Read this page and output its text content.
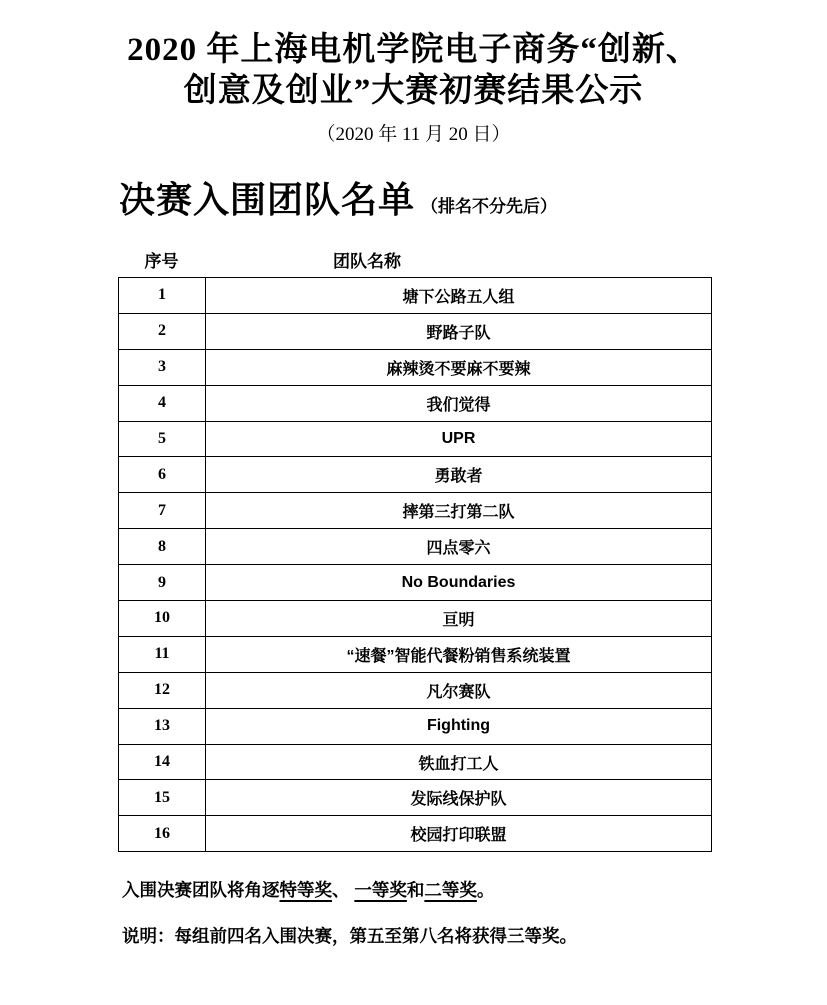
2020 年上海电机学院电子商务“创新、
创意及创业”大赛初赛结果公示
（2020 年 11 月 20 日）
决赛入围团队名单 （排名不分先后）
序号	团队名称
1	塘下公路五人组
2	野路子队
3	麻辣烫不要麻不要辣
4	我们觉得
5	UPR
6	勇敢者
7	摔第三打第二队
8	四点零六
9	No Boundaries
10	亘明
11	“速餐”智能代餐粉销售系统装置
12	凡尔赛队
13	Fighting
14	铁血打工人
15	发际线保护队
16	校园打印联盟
入围决赛团队将角逐特等奖、 一等奖和二等奖。
说明：每组前四名入围决赛，第五至第八名将获得三等奖。
